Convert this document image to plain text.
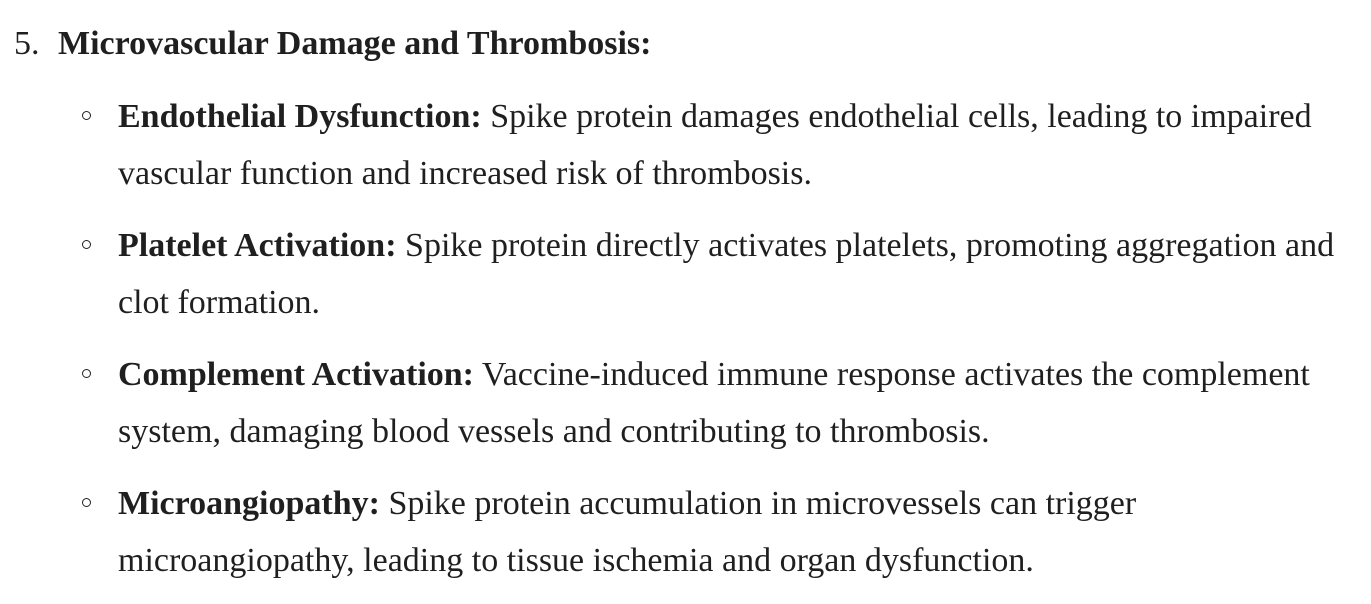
5. Microvascular Damage and Thrombosis:
Endothelial Dysfunction: Spike protein damages endothelial cells, leading to impaired vascular function and increased risk of thrombosis.
Platelet Activation: Spike protein directly activates platelets, promoting aggregation and clot formation.
Complement Activation: Vaccine-induced immune response activates the complement system, damaging blood vessels and contributing to thrombosis.
Microangiopathy: Spike protein accumulation in microvessels can trigger microangiopathy, leading to tissue ischemia and organ dysfunction.
